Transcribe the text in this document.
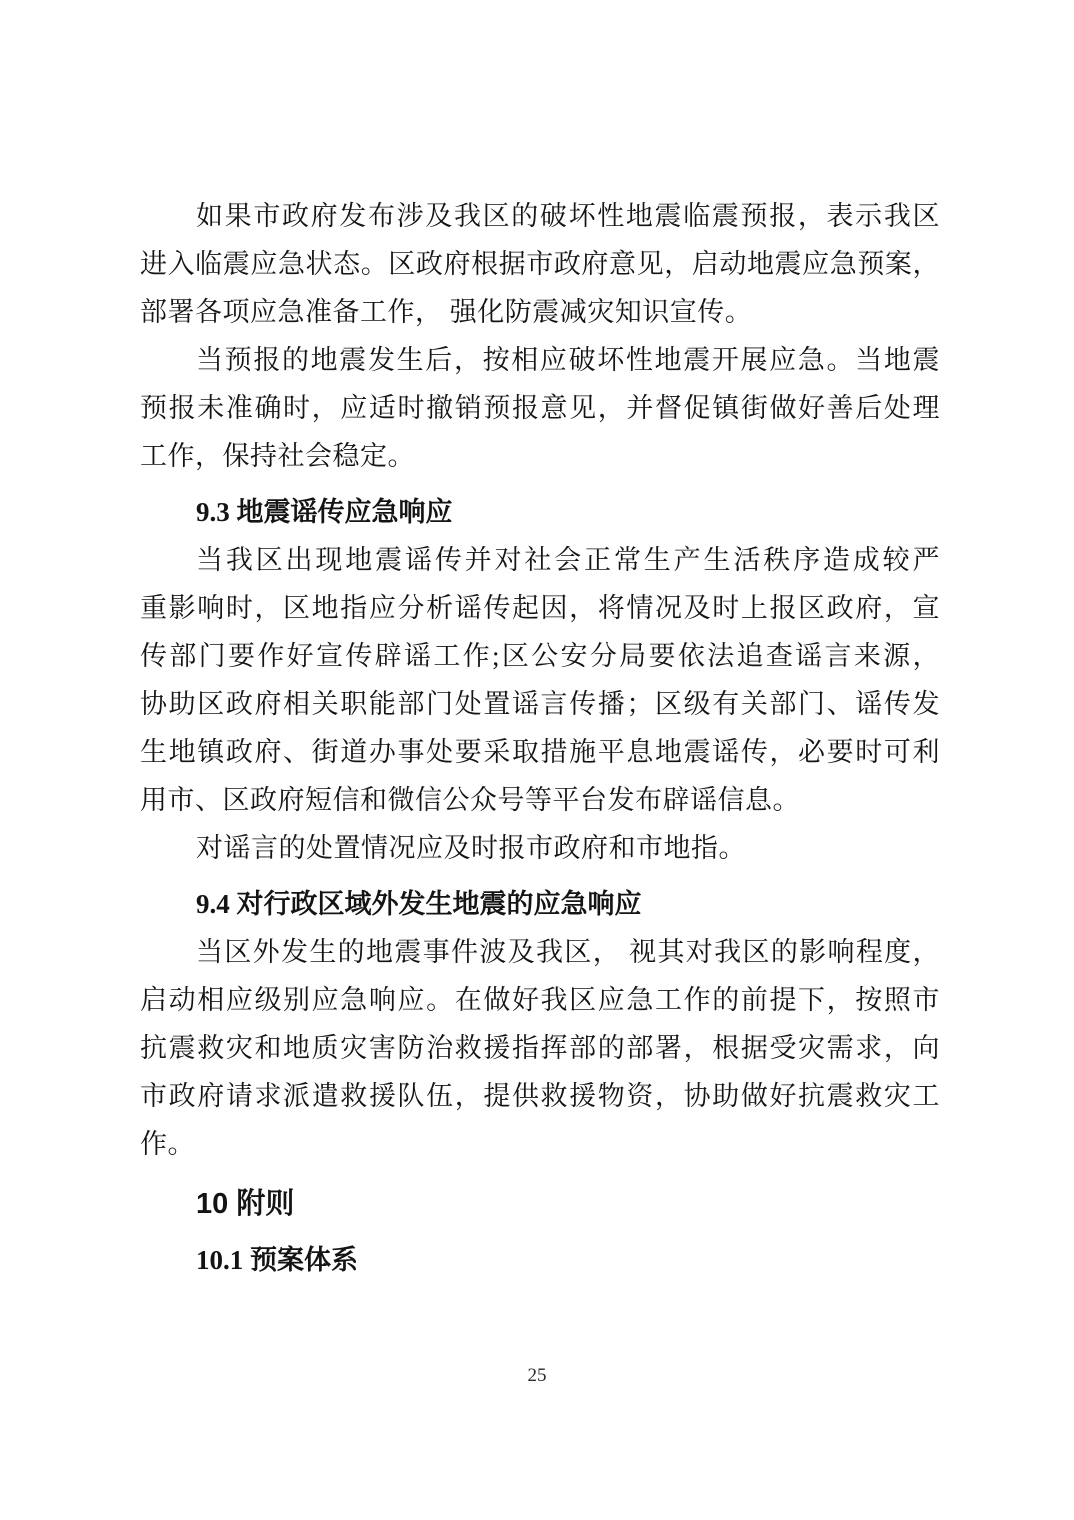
如果市政府发布涉及我区的破坏性地震临震预报，表示我区
进入临震应急状态。区政府根据市政府意见，启动地震应急预案，
部署各项应急准备工作， 强化防震减灾知识宣传。
当预报的地震发生后，按相应破坏性地震开展应急。当地震
预报未准确时，应适时撤销预报意见，并督促镇街做好善后处理
工作，保持社会稳定。
9.3 地震谣传应急响应
当我区出现地震谣传并对社会正常生产生活秩序造成较严
重影响时，区地指应分析谣传起因，将情况及时上报区政府，宣
传部门要作好宣传辟谣工作;区公安分局要依法追查谣言来源，
协助区政府相关职能部门处置谣言传播；区级有关部门、谣传发
生地镇政府、街道办事处要采取措施平息地震谣传，必要时可利
用市、区政府短信和微信公众号等平台发布辟谣信息。
对谣言的处置情况应及时报市政府和市地指。
9.4 对行政区域外发生地震的应急响应
当区外发生的地震事件波及我区， 视其对我区的影响程度，
启动相应级别应急响应。在做好我区应急工作的前提下，按照市
抗震救灾和地质灾害防治救援指挥部的部署，根据受灾需求，向
市政府请求派遣救援队伍，提供救援物资，协助做好抗震救灾工
作。
10 附则
10.1 预案体系
25
